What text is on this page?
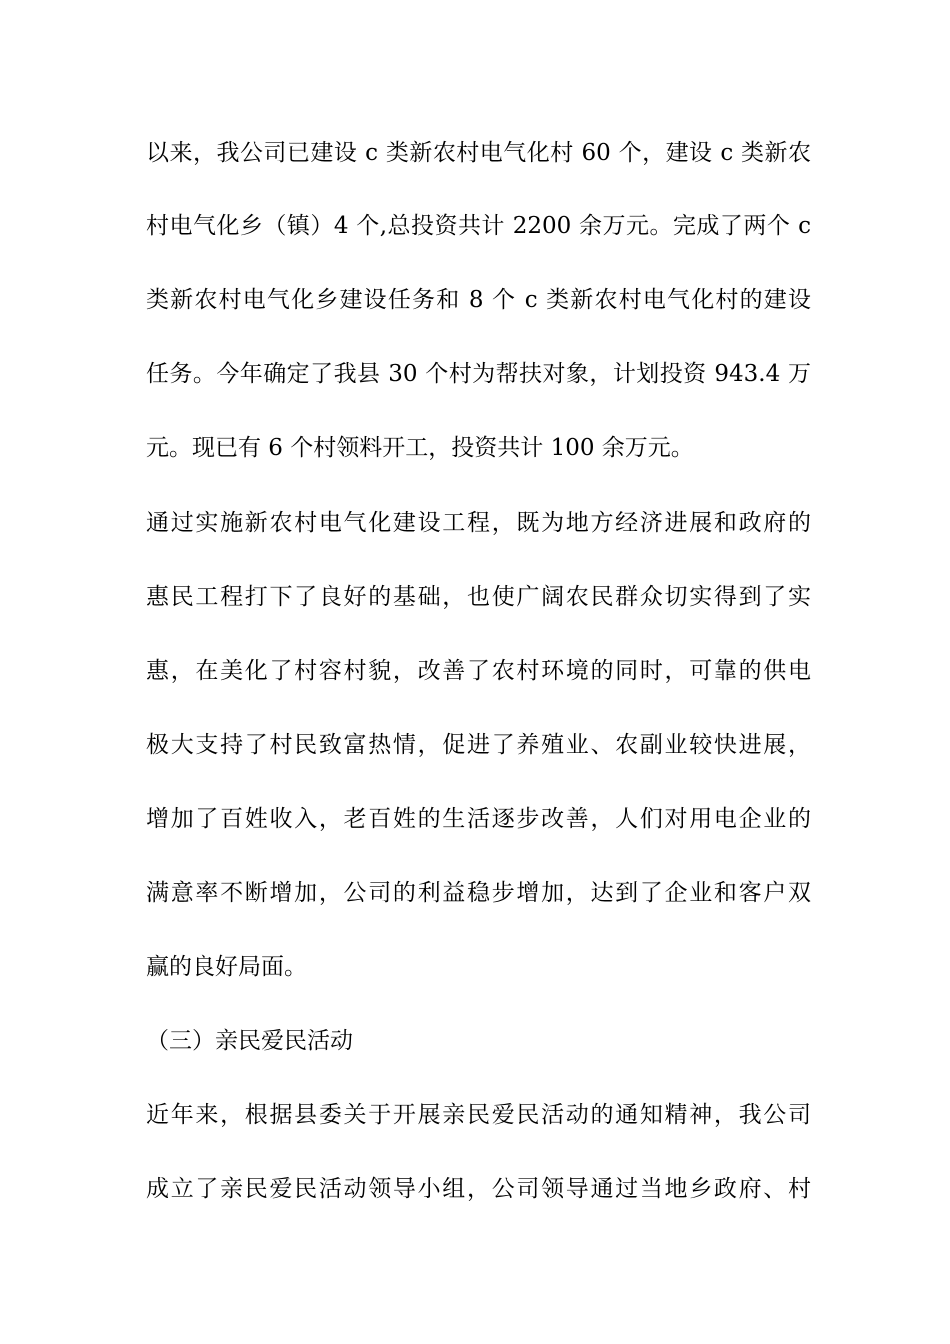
以来，我公司已建设 c 类新农村电气化村 60 个，建设 c 类新农
村电气化乡（镇）4 个,总投资共计 2200 余万元。完成了两个 c
类新农村电气化乡建设任务和 8 个 c 类新农村电气化村的建设
任务。今年确定了我县 30 个村为帮扶对象，计划投资 943.4 万
元。现已有 6 个村领料开工，投资共计 100 余万元。
通过实施新农村电气化建设工程，既为地方经济进展和政府的
惠民工程打下了良好的基础，也使广阔农民群众切实得到了实
惠，在美化了村容村貌，改善了农村环境的同时，可靠的供电
极大支持了村民致富热情，促进了养殖业、农副业较快进展，
增加了百姓收入，老百姓的生活逐步改善，人们对用电企业的
满意率不断增加，公司的利益稳步增加，达到了企业和客户双
赢的良好局面。
（三）亲民爱民活动
近年来，根据县委关于开展亲民爱民活动的通知精神，我公司
成立了亲民爱民活动领导小组，公司领导通过当地乡政府、村
